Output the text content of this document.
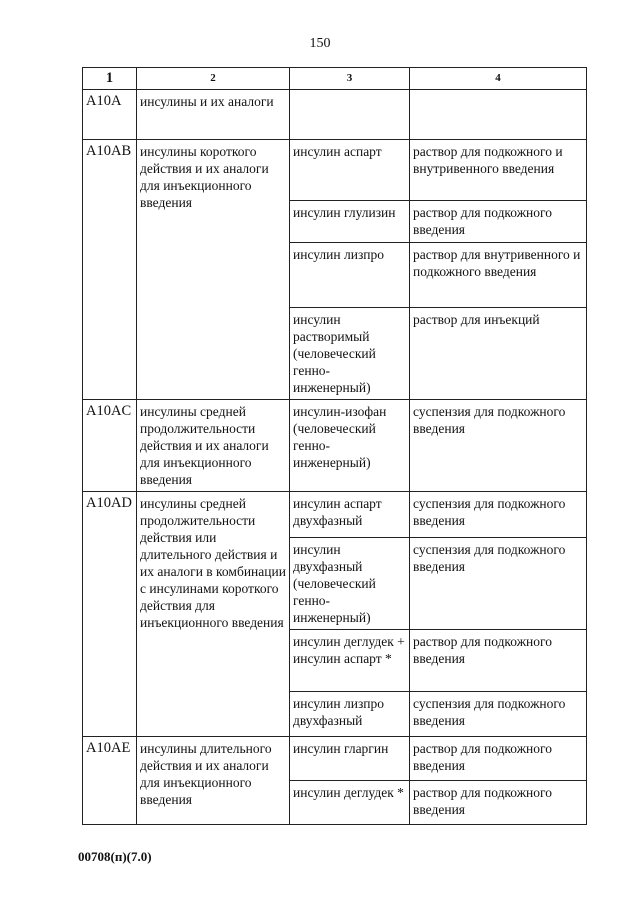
150
1	2	3	4
A10A	инсулины и их аналоги		
A10AB	инсулины короткого действия и их аналоги для инъекционного введения	инсулин аспарт	раствор для подкожного и внутривенного введения
		инсулин глулизин	раствор для подкожного введения
		инсулин лизпро	раствор для внутривенного и подкожного введения
		инсулин растворимый (человеческий генно-инженерный)	раствор для инъекций
A10AC	инсулины средней продолжительности действия и их аналоги для инъекционного введения	инсулин-изофан (человеческий генно-инженерный)	суспензия для подкожного введения
A10AD	инсулины средней продолжительности действия или длительного действия и их аналоги в комбинации с инсулинами короткого действия для инъекционного введения	инсулин аспарт двухфазный	суспензия для подкожного введения
		инсулин двухфазный (человеческий генно-инженерный)	суспензия для подкожного введения
		инсулин деглудек + инсулин аспарт *	раствор для подкожного введения
		инсулин лизпро двухфазный	суспензия для подкожного введения
A10AE	инсулины длительного действия и их аналоги для инъекционного введения	инсулин гларгин	раствор для подкожного введения
		инсулин деглудек *	раствор для подкожного введения
00708(п)(7.0)
